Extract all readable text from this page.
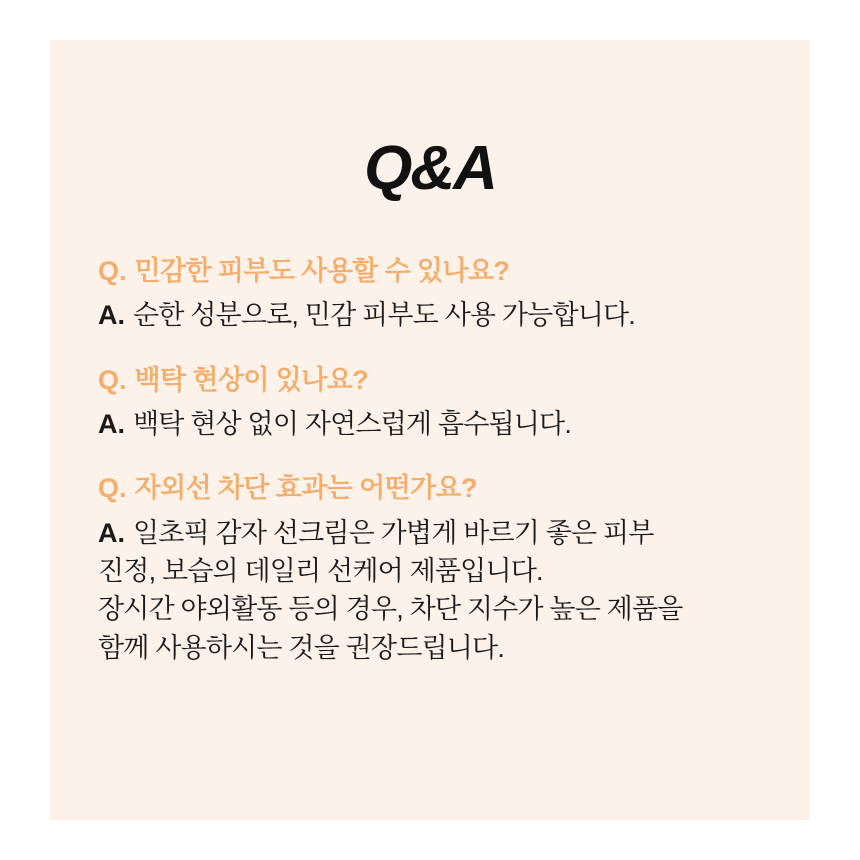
Q&A
Q. 민감한 피부도 사용할 수 있나요?
A. 순한 성분으로, 민감 피부도 사용 가능합니다.
Q. 백탁 현상이 있나요?
A. 백탁 현상 없이 자연스럽게 흡수됩니다.
Q. 자외선 차단 효과는 어떤가요?
A. 일초픽 감자 선크림은 가볍게 바르기 좋은 피부
진정, 보습의 데일리 선케어 제품입니다.
장시간 야외활동 등의 경우, 차단 지수가 높은 제품을
함께 사용하시는 것을 권장드립니다.
